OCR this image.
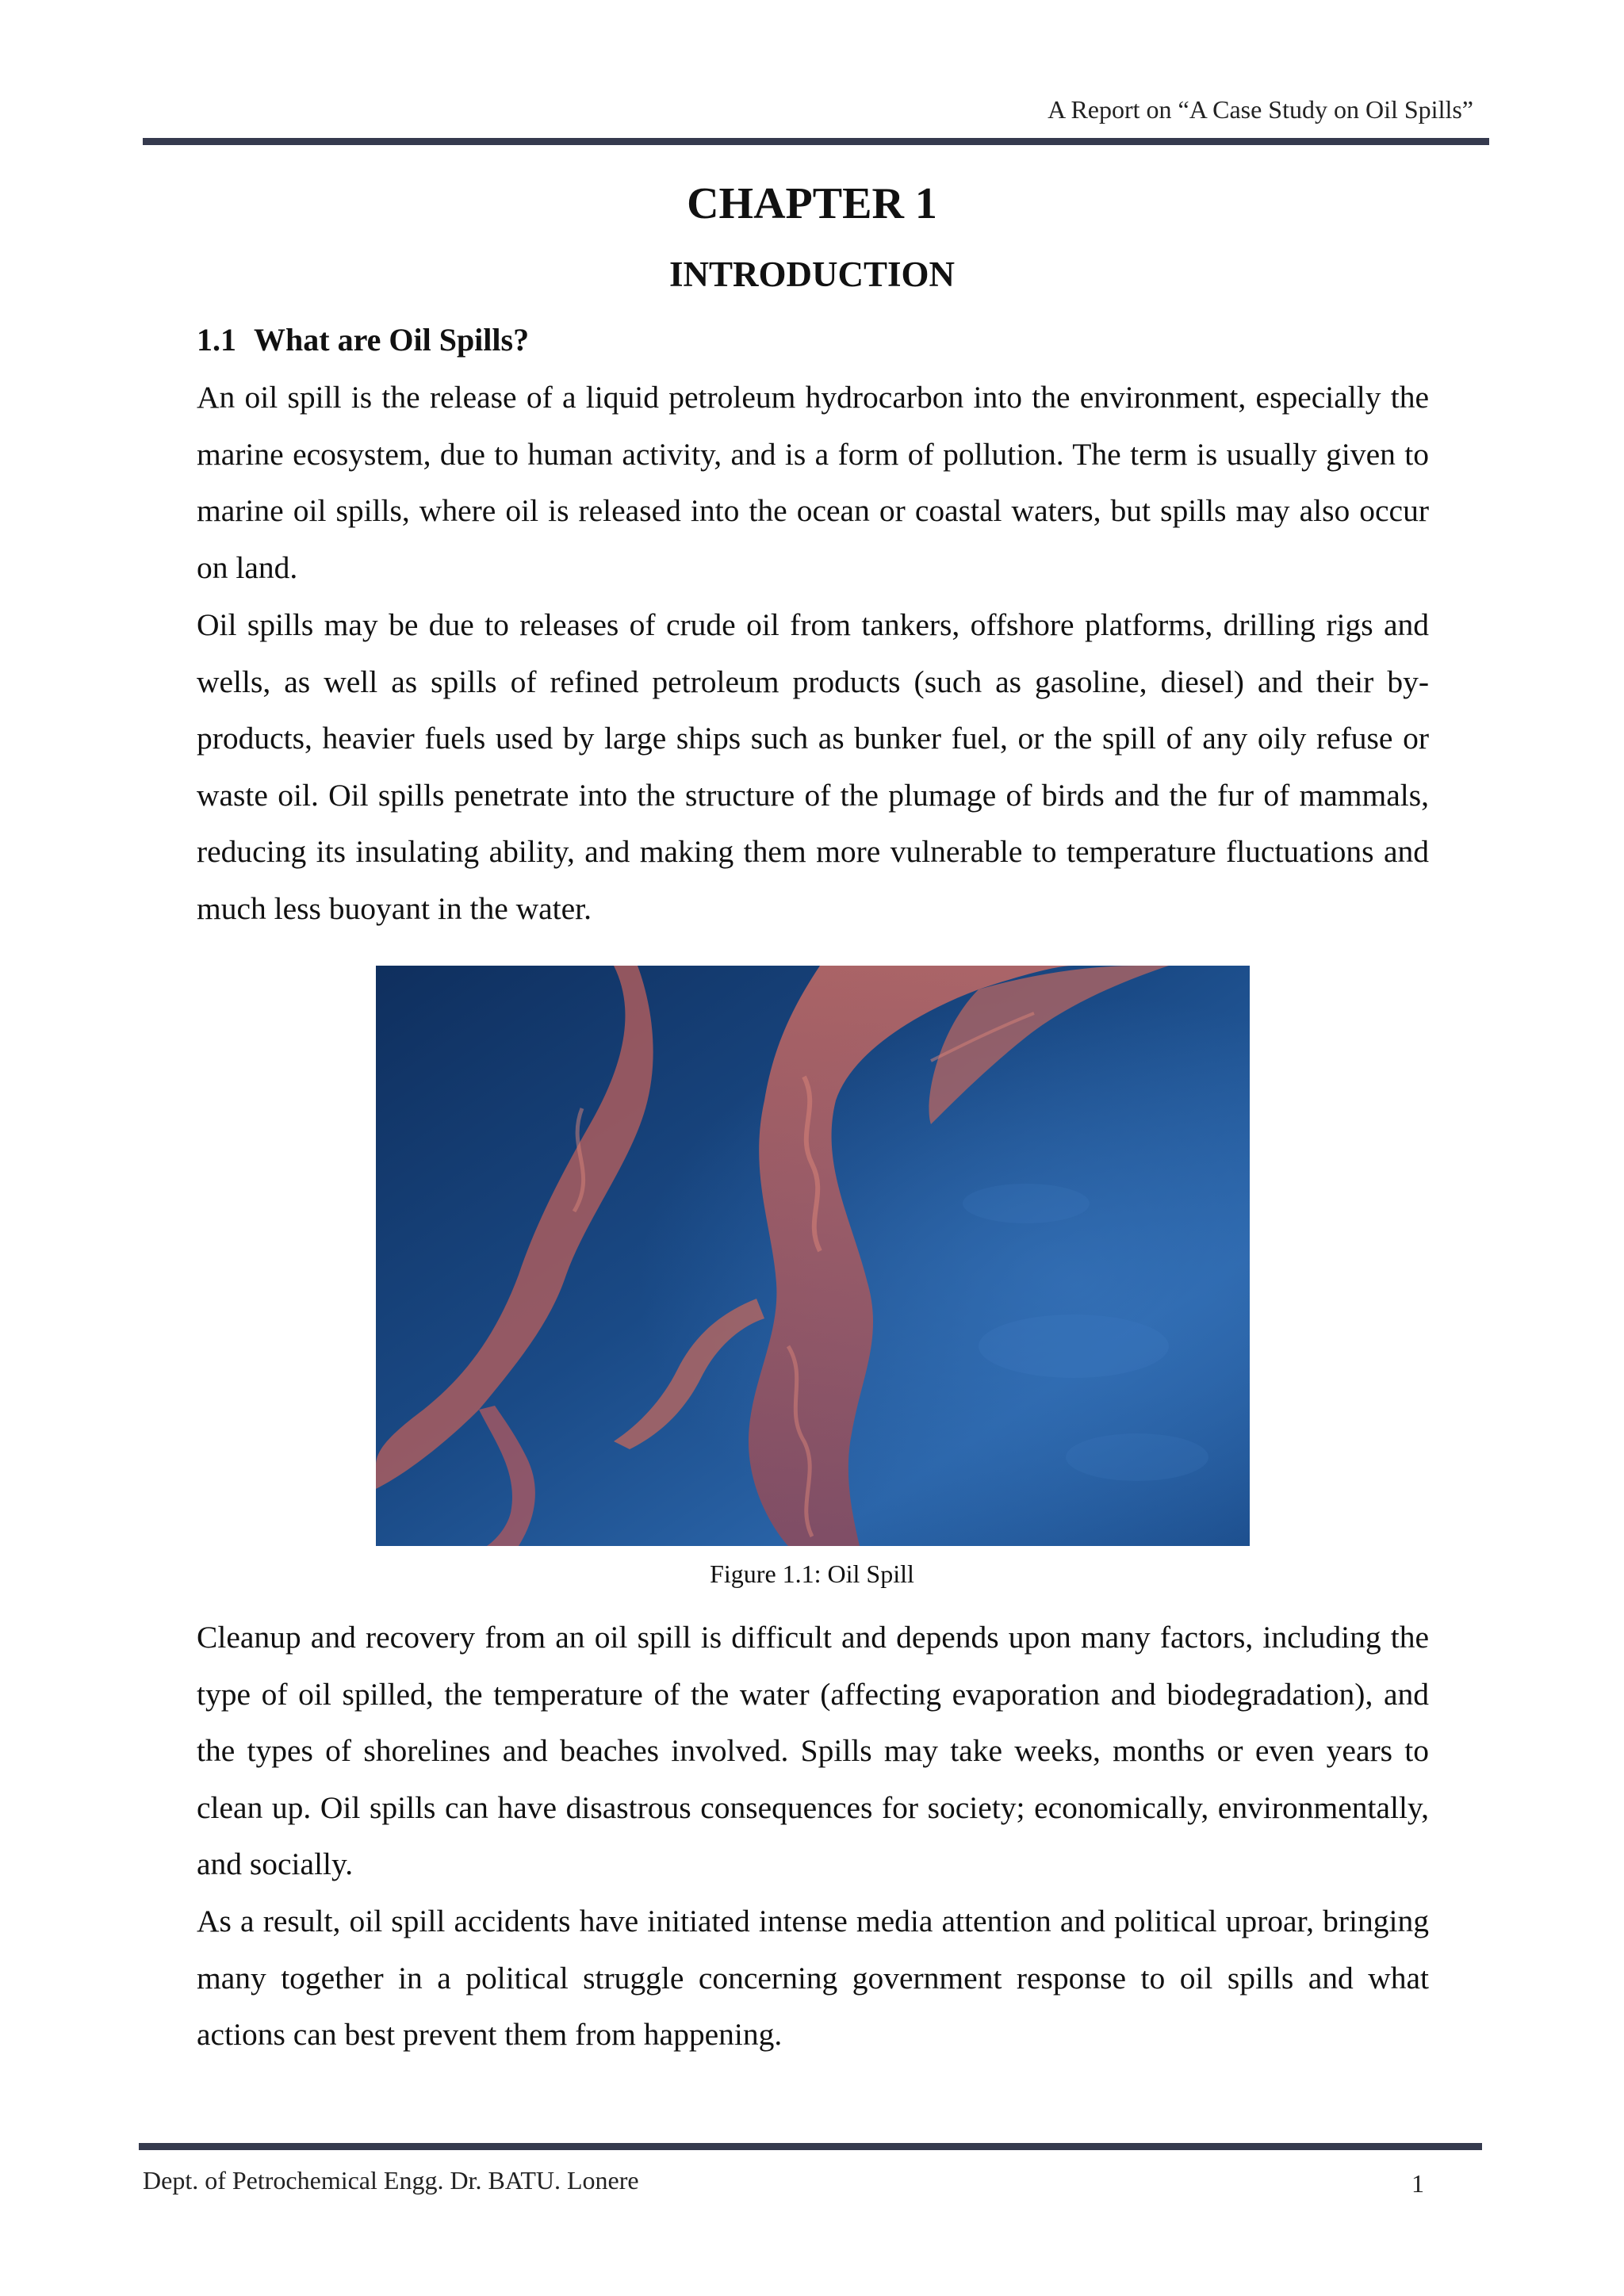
A Report on “A Case Study on Oil Spills”
CHAPTER 1
INTRODUCTION
1.1 What are Oil Spills?

An oil spill is the release of a liquid petroleum hydrocarbon into the environment, especially the marine ecosystem, due to human activity, and is a form of pollution. The term is usually given to marine oil spills, where oil is released into the ocean or coastal waters, but spills may also occur on land.

Oil spills may be due to releases of crude oil from tankers, offshore platforms, drilling rigs and wells, as well as spills of refined petroleum products (such as gasoline, diesel) and their by-products, heavier fuels used by large ships such as bunker fuel, or the spill of any oily refuse or waste oil. Oil spills penetrate into the structure of the plumage of birds and the fur of mammals, reducing its insulating ability, and making them more vulnerable to temperature fluctuations and much less buoyant in the water.

Figure 1.1: Oil Spill

Cleanup and recovery from an oil spill is difficult and depends upon many factors, including the type of oil spilled, the temperature of the water (affecting evaporation and biodegradation), and the types of shorelines and beaches involved. Spills may take weeks, months or even years to clean up. Oil spills can have disastrous consequences for society; economically, environmentally, and socially.

As a result, oil spill accidents have initiated intense media attention and political uproar, bringing many together in a political struggle concerning government response to oil spills and what actions can best prevent them from happening.

Dept. of Petrochemical Engg. Dr. BATU. Lonere	1
